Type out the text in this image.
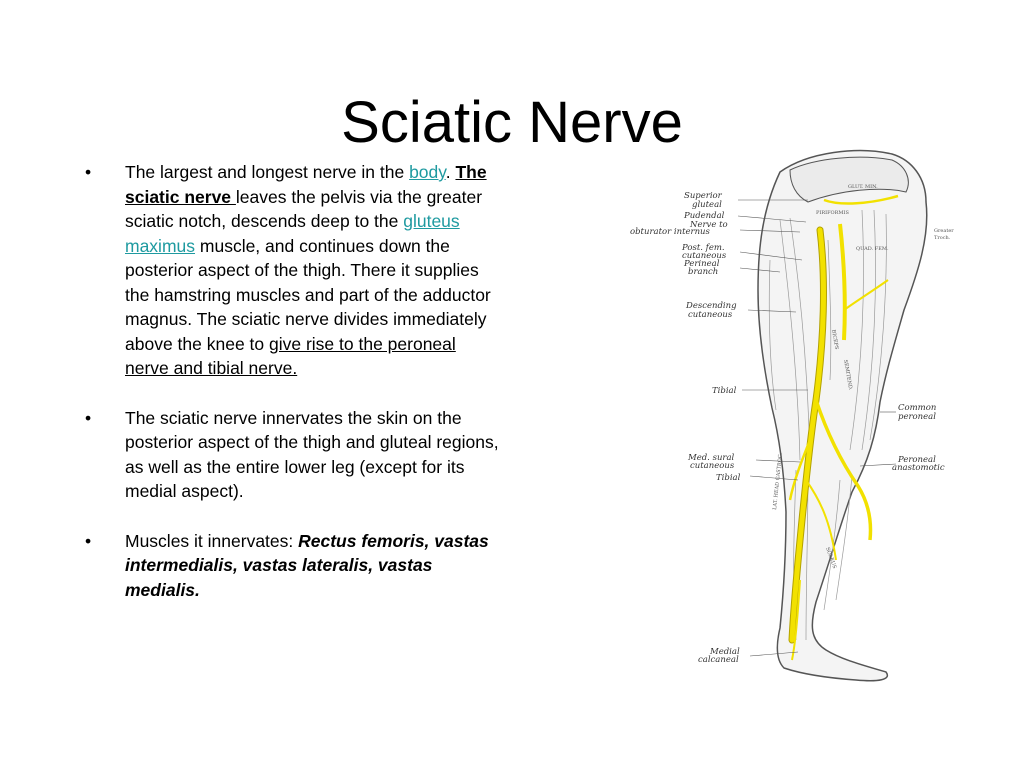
Sciatic Nerve
•	The largest and longest nerve in the body. The sciatic nerve leaves the pelvis via the greater sciatic notch, descends deep to the gluteus maximus muscle, and continues down the posterior aspect of the thigh. There it supplies the hamstring muscles and part of the adductor magnus. The sciatic nerve divides immediately above the knee to give rise to the peroneal nerve and tibial nerve.
•	The sciatic nerve innervates the skin on the posterior aspect of the thigh and gluteal regions, as well as the entire lower leg (except for its medial aspect).
•	Muscles it innervates: Rectus femoris, vastas intermedialis, vastas lateralis, vastas medialis.
Superior
gluteal
Pudendal
Nerve to
obturator internus
Post. fem.
cutaneous
Perineal
branch
Descending
cutaneous
Tibial
Med. sural
cutaneous
Tibial
Medial
calcaneal
Common
peroneal
Peroneal
anastomotic
Greater
Troch.
GLUT. MIN.
PIRIFORMIS
QUAD. FEM.
BICEPS
SEMITEND.
LAT. HEAD GASTROC.
SOLEUS
